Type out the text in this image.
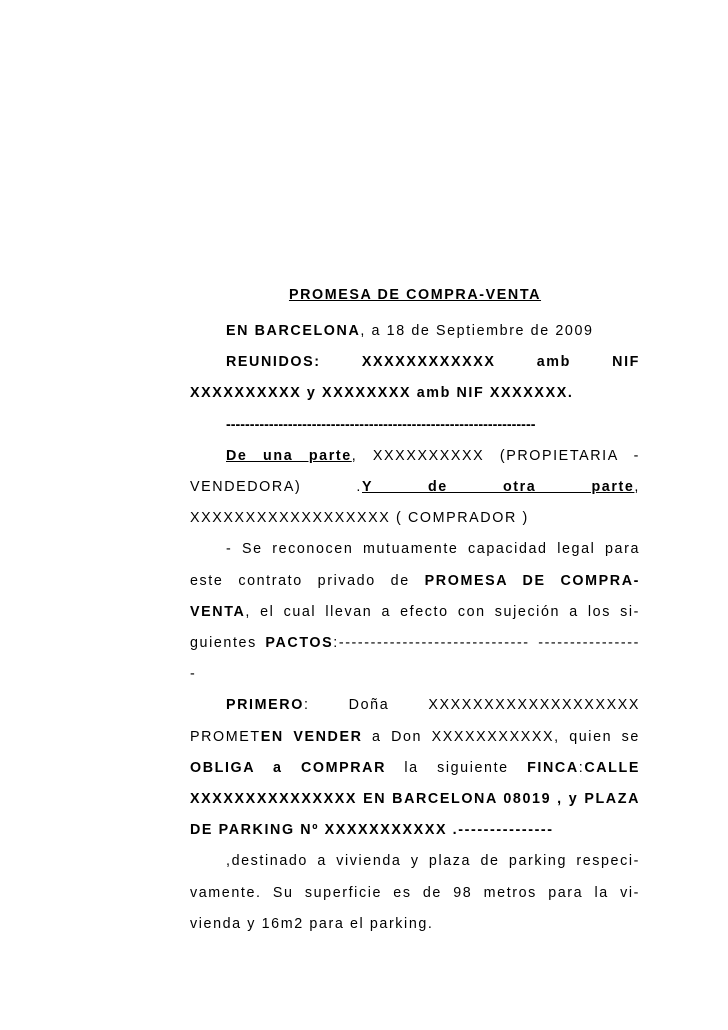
PROMESA DE COMPRA-VENTA

EN BARCELONA, a 18 de Septiembre de 2009

REUNIDOS:	XXXXXXXXXXXX amb NIF XXXXXXXXXX y XXXXXXXX amb NIF XXXXXXX.

-----------------------------------------------------------------

De una parte, XXXXXXXXXX (PROPIETARIA - VENDEDORA) .Y de otra parte, XXXXXXXXXXXXXXXXXX ( COMPRADOR )

- Se reconocen mutuamente capacidad legal para este contrato privado de PROMESA DE COMPRA-VENTA, el cual llevan a efecto con sujeción a los si-guientes PACTOS:------------------------------ -----------------

PRIMERO: Doña XXXXXXXXXXXXXXXXXXX PROMETEN VENDER a Don XXXXXXXXXXX, quien se OBLIGA a COMPRAR la siguiente FINCA:CALLE XXXXXXXXXXXXXXX EN BARCELONA 08019 , y PLAZA DE PARKING Nº XXXXXXXXXXX .---------------

,destinado a vivienda y plaza de parking respeci-vamente. Su superficie es de 98 metros para la vi-vienda y 16m2 para el parking.
